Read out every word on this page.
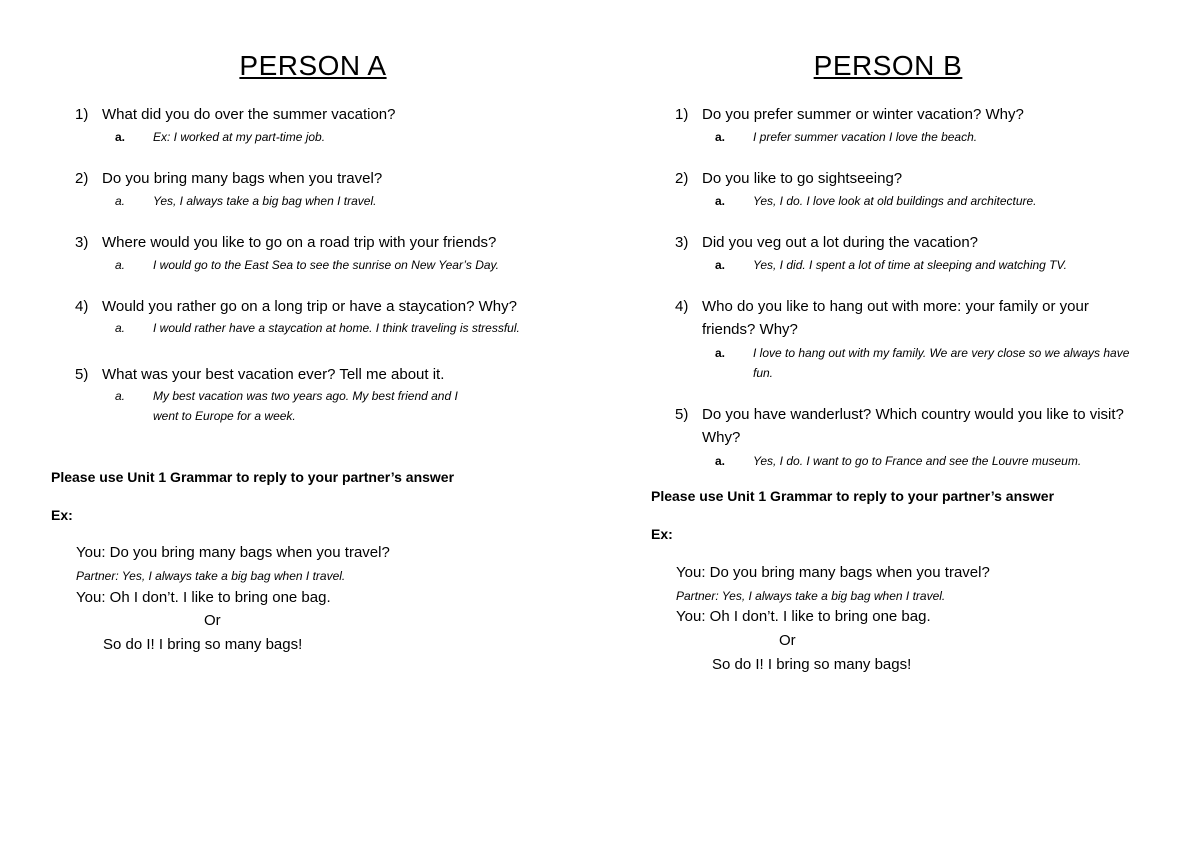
PERSON A
1) What did you do over the summer vacation?
a. Ex: I worked at my part-time job.
2) Do you bring many bags when you travel?
a. Yes, I always take a big bag when I travel.
3) Where would you like to go on a road trip with your friends?
a. I would go to the East Sea to see the sunrise on New Year’s Day.
4) Would you rather go on a long trip or have a staycation? Why?
a. I would rather have a staycation at home. I think traveling is stressful.
5) What was your best vacation ever? Tell me about it.
a. My best vacation was two years ago. My best friend and I went to Europe for a week.
Please use Unit 1 Grammar to reply to your partner’s answer
Ex:
You: Do you bring many bags when you travel?
Partner: Yes, I always take a big bag when I travel.
You: Oh I don’t. I like to bring one bag.
Or
So do I! I bring so many bags!
PERSON B
1) Do you prefer summer or winter vacation? Why?
a. I prefer summer vacation I love the beach.
2) Do you like to go sightseeing?
a. Yes, I do. I love look at old buildings and architecture.
3) Did you veg out a lot during the vacation?
a. Yes, I did. I spent a lot of time at sleeping and watching TV.
4) Who do you like to hang out with more: your family or your friends? Why?
a. I love to hang out with my family. We are very close so we always have fun.
5) Do you have wanderlust? Which country would you like to visit? Why?
a. Yes, I do. I want to go to France and see the Louvre museum.
Please use Unit 1 Grammar to reply to your partner’s answer
Ex:
You: Do you bring many bags when you travel?
Partner: Yes, I always take a big bag when I travel.
You: Oh I don’t. I like to bring one bag.
Or
So do I! I bring so many bags!
